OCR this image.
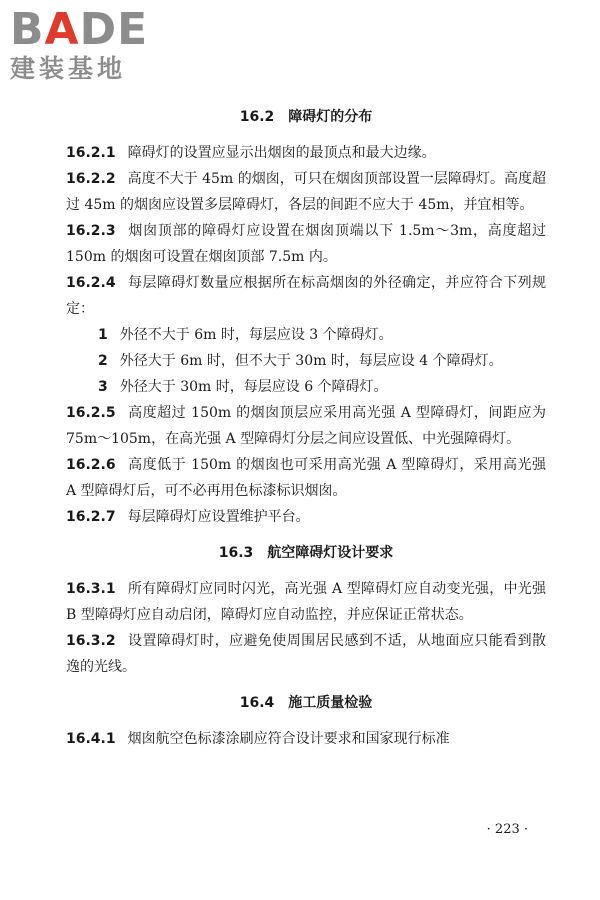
BADE
建装基地
16.2 障碍灯的分布

16.2.1 障碍灯的设置应显示出烟囱的最顶点和最大边缘。

16.2.2 高度不大于 45m 的烟囱，可只在烟囱顶部设置一层障碍灯。高度超过 45m 的烟囱应设置多层障碍灯，各层的间距不应大于 45m，并宜相等。

16.2.3 烟囱顶部的障碍灯应设置在烟囱顶端以下 1.5m～3m，高度超过 150m 的烟囱可设置在烟囱顶部 7.5m 内。

16.2.4 每层障碍灯数量应根据所在标高烟囱的外径确定，并应符合下列规定：

1 外径不大于 6m 时，每层应设 3 个障碍灯。

2 外径大于 6m 时，但不大于 30m 时，每层应设 4 个障碍灯。

3 外径大于 30m 时，每层应设 6 个障碍灯。

16.2.5 高度超过 150m 的烟囱顶层应采用高光强 A 型障碍灯，间距应为 75m～105m，在高光强 A 型障碍灯分层之间应设置低、中光强障碍灯。

16.2.6 高度低于 150m 的烟囱也可采用高光强 A 型障碍灯，采用高光强 A 型障碍灯后，可不必再用色标漆标识烟囱。

16.2.7 每层障碍灯应设置维护平台。

16.3 航空障碍灯设计要求

16.3.1 所有障碍灯应同时闪光，高光强 A 型障碍灯应自动变光强，中光强 B 型障碍灯应自动启闭，障碍灯应自动监控，并应保证正常状态。

16.3.2 设置障碍灯时，应避免使周围居民感到不适，从地面应只能看到散逸的光线。

16.4 施工质量检验

16.4.1 烟囱航空色标漆涂刷应符合设计要求和国家现行标准

· 223 ·
